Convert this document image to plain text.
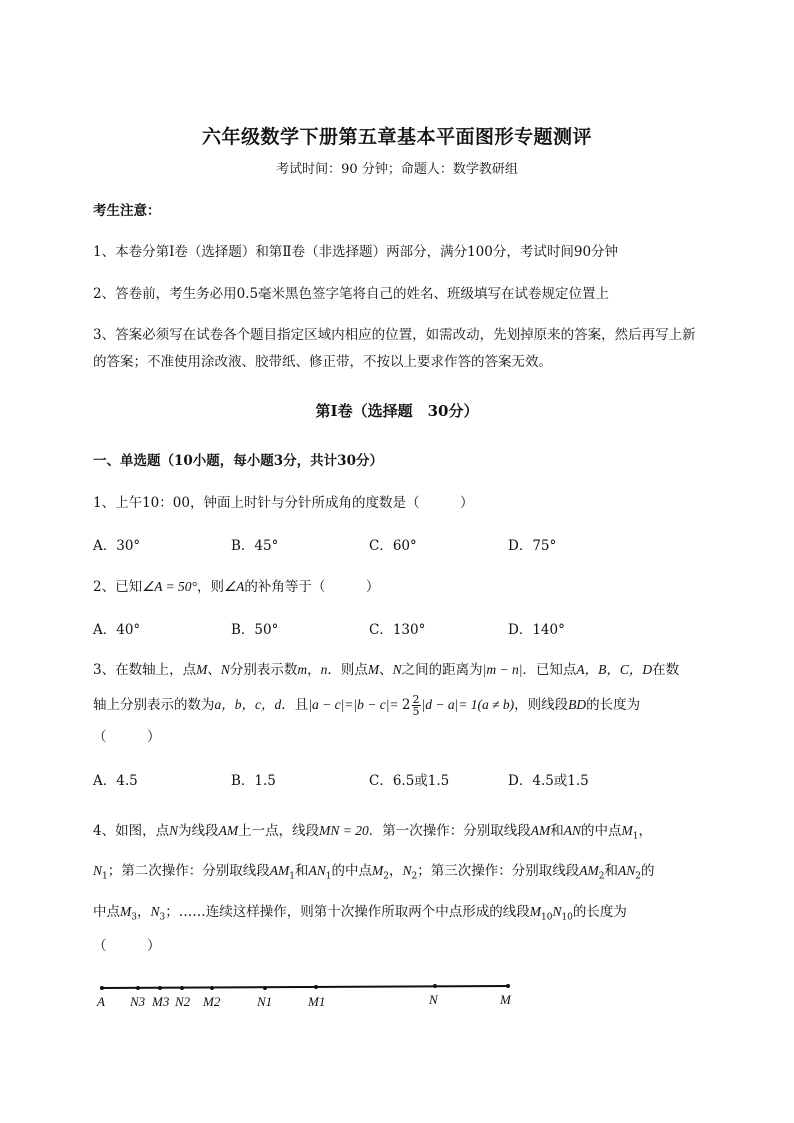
六年级数学下册第五章基本平面图形专题测评
考试时间：90 分钟；命题人：数学教研组
考生注意：
1、本卷分第Ⅰ卷（选择题）和第Ⅱ卷（非选择题）两部分，满分100分，考试时间90分钟
2、答卷前，考生务必用0.5毫米黑色签字笔将自己的姓名、班级填写在试卷规定位置上
3、答案必须写在试卷各个题目指定区域内相应的位置，如需改动，先划掉原来的答案，然后再写上新
的答案；不准使用涂改液、胶带纸、修正带，不按以上要求作答的答案无效。
第Ⅰ卷（选择题　30分）
一、单选题（10小题，每小题3分，共计30分）
1、上午10：00，钟面上时针与分针所成角的度数是（　　　）
A．30°	B．45°	C．60°	D．75°
2、已知∠A = 50°，则∠A的补角等于（　　　）
A．40°	B．50°	C．130°	D．140°
3、在数轴上，点M、N分别表示数m，n．则点M、N之间的距离为|m − n|．已知点A，B，C，D在数
轴上分别表示的数为a，b，c，d．且$|a - c|=|b - c|= 2 \frac{2}{5} |d - a|= 1(a \ne b)$，则线段BD的长度为
（　　　）
A．4.5	B．1.5	C．6.5或1.5	D．4.5或1.5
4、如图，点N为线段AM上一点，线段MN = 20．第一次操作：分别取线段AM和AN的中点$M_1$，
$N_1$；第二次操作：分别取线段$AM_1$和$AN_1$的中点$M_2$，$N_2$；第三次操作：分别取线段$AM_2$和$AN_2$的
中点$M_3$，$N_3$；……连续这样操作，则第十次操作所取两个中点形成的线段$M_{10}N_{10}$的长度为
（　　　）
A N3 M3 N2 M2	N1	M1	N	M
